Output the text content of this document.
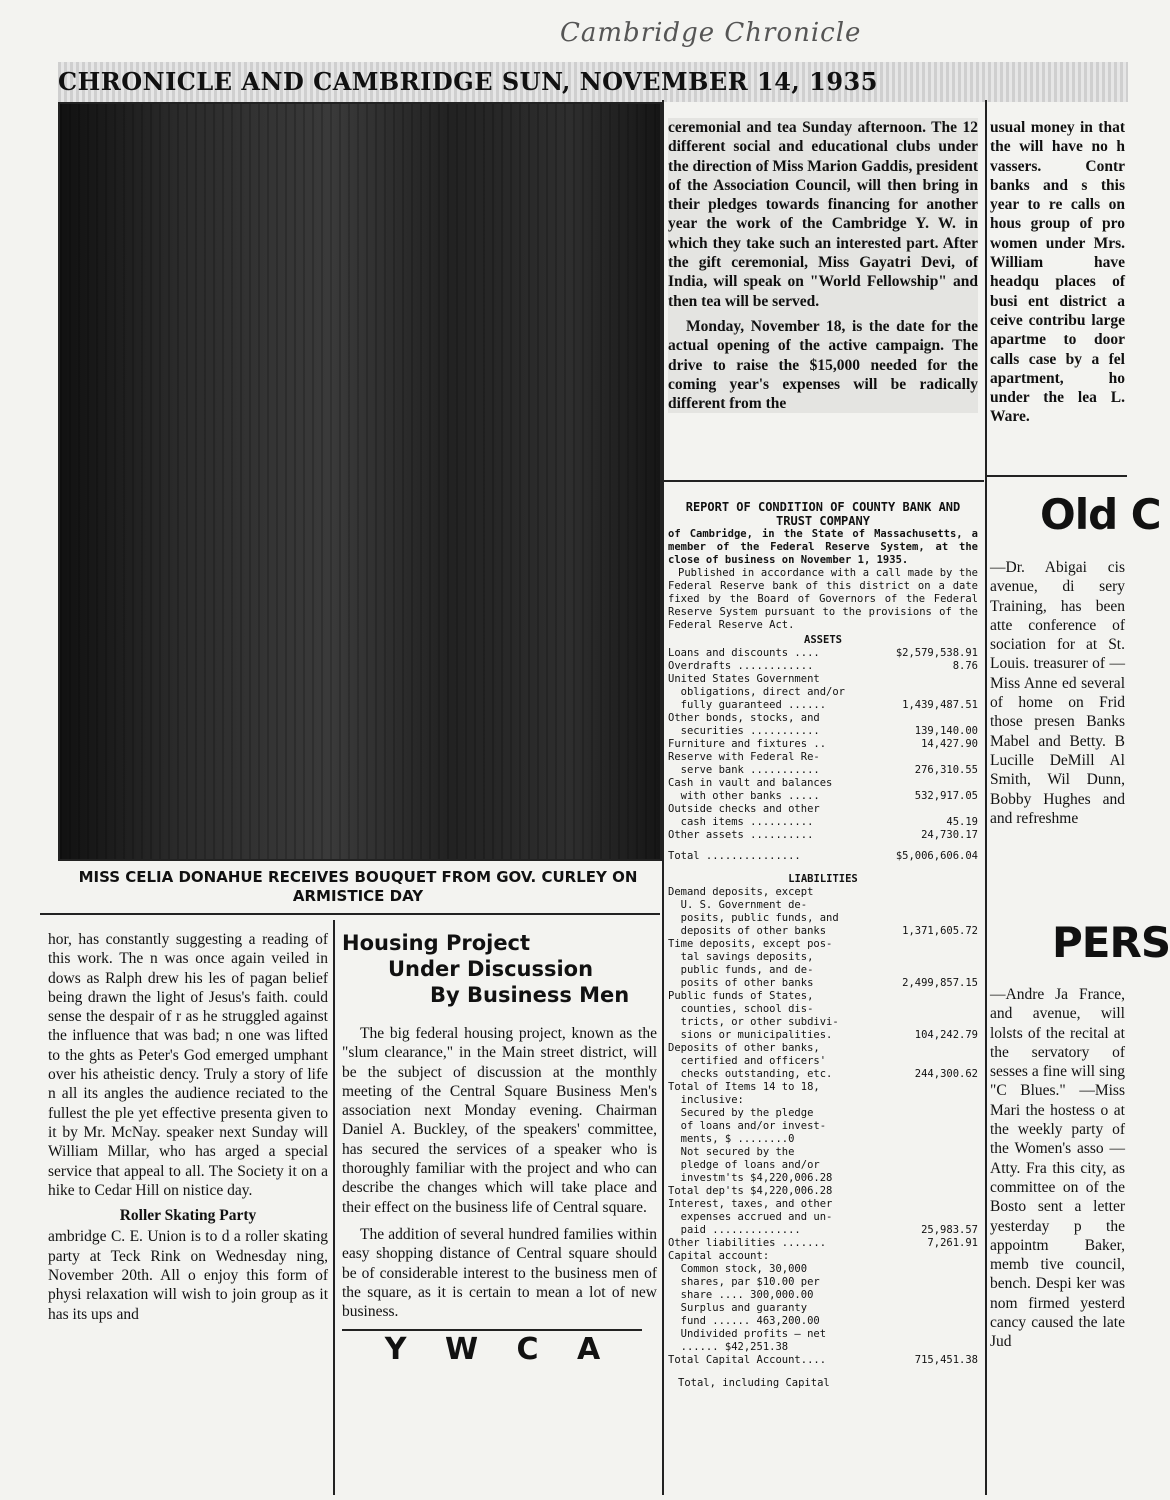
Cambridge Chronicle
CHRONICLE AND CAMBRIDGE SUN, NOVEMBER 14, 1935
MISS CELIA DONAHUE RECEIVES BOUQUET FROM GOV. CURLEY ON ARMISTICE DAY

ceremonial and tea Sunday afternoon. The 12 different social and educational clubs under the direction of Miss Marion Gaddis, president of the Association Council, will then bring in their pledges towards financing for another year the work of the Cambridge Y. W. in which they take such an interested part. After the gift ceremonial, Miss Gayatri Devi, of India, will speak on "World Fellowship" and then tea will be served.

Monday, November 18, is the date for the actual opening of the active campaign. The drive to raise the $15,000 needed for the coming year's expenses will be radically different from the

usual money in that the will have no h vassers. Contr banks and s this year to re calls on hous group of pro women under Mrs. William have headqu places of busi ent district a ceive contribu large apartme to door calls case by a fel apartment, ho under the lea L. Ware.

Old C

—Dr. Abigai cis avenue, di sery Training, has been atte conference of sociation for at St. Louis. treasurer of —Miss Anne ed several of home on Frid those presen Banks Mabel and Betty. B Lucille DeMill Al Smith, Wil Dunn, Bobby Hughes and and refreshme

PERS

—Andre Ja France, and avenue, will lolsts of the recital at the servatory of sesses a fine will sing "C Blues." —Miss Mari the hostess o at the weekly party of the Women's asso —Atty. Fra this city, as committee on of the Bosto sent a letter yesterday p the appointm Baker, memb tive council, bench. Despi ker was nom firmed yesterd cancy caused the late Jud

hor, has constantly suggesting a reading of this work. The n was once again veiled in dows as Ralph drew his les of pagan belief being drawn the light of Jesus's faith. could sense the despair of r as he struggled against the influence that was bad; n one was lifted to the ghts as Peter's God emerged umphant over his atheistic dency. Truly a story of life n all its angles the audience reciated to the fullest the ple yet effective presenta given to it by Mr. McNay. speaker next Sunday will William Millar, who has arged a special service that appeal to all. The Society it on a hike to Cedar Hill on nistice day.

Roller Skating Party

ambridge C. E. Union is to d a roller skating party at Teck Rink on Wednesday ning, November 20th. All o enjoy this form of physi relaxation will wish to join group as it has its ups and

Housing Project
Under Discussion
By Business Men

The big federal housing project, known as the "slum clearance," in the Main street district, will be the subject of discussion at the monthly meeting of the Central Square Business Men's association next Monday evening. Chairman Daniel A. Buckley, of the speakers' committee, has secured the services of a speaker who is thoroughly familiar with the project and who can describe the changes which will take place and their effect on the business life of Central square.

The addition of several hundred families within easy shopping distance of Central square should be of considerable interest to the business men of the square, as it is certain to mean a lot of new business.

Y W C A
REPORT OF CONDITION OF COUNTY BANK AND TRUST COMPANY
of Cambridge, in the State of Massachusetts, a member of the Federal Reserve System, at the close of business on November 1, 1935.
Published in accordance with a call made by the Federal Reserve bank of this district on a date fixed by the Board of Governors of the Federal Reserve System pursuant to the provisions of the Federal Reserve Act.
ASSETS
Loans and discounts ....	$2,579,538.91
Overdrafts ............	8.76
United States Government
obligations, direct and/or
fully guaranteed ......	1,439,487.51
Other bonds, stocks, and
securities ...........	139,140.00
Furniture and fixtures ..	14,427.90
Reserve with Federal Re-
serve bank ...........	276,310.55
Cash in vault and balances
with other banks .....	532,917.05
Outside checks and other
cash items ..........	45.19
Other assets ..........	24,730.17
Total ...............	$5,006,606.04
LIABILITIES
Demand deposits, except
U. S. Government de-
posits, public funds, and
deposits of other banks	1,371,605.72
Time deposits, except pos-
tal savings deposits,
public funds, and de-
posits of other banks	2,499,857.15
Public funds of States,
counties, school dis-
tricts, or other subdivi-
sions or municipalities.	104,242.79
Deposits of other banks,
certified and officers'
checks outstanding, etc.	244,300.62
Total of Items 14 to 18,
inclusive:
Secured by the pledge
of loans and/or invest-
ments, $ ........0
Not secured by the
pledge of loans and/or
investm'ts $4,220,006.28
Total dep'ts $4,220,006.28
Interest, taxes, and other
expenses accrued and un-
paid ..............	25,983.57
Other liabilities .......	7,261.91
Capital account:
Common stock, 30,000
shares, par $10.00 per
share .... 300,000.00
Surplus and guaranty
fund ...... 463,200.00
Undivided profits — net
...... $42,251.38
Total Capital Account....	715,451.38
Total, including Capital
